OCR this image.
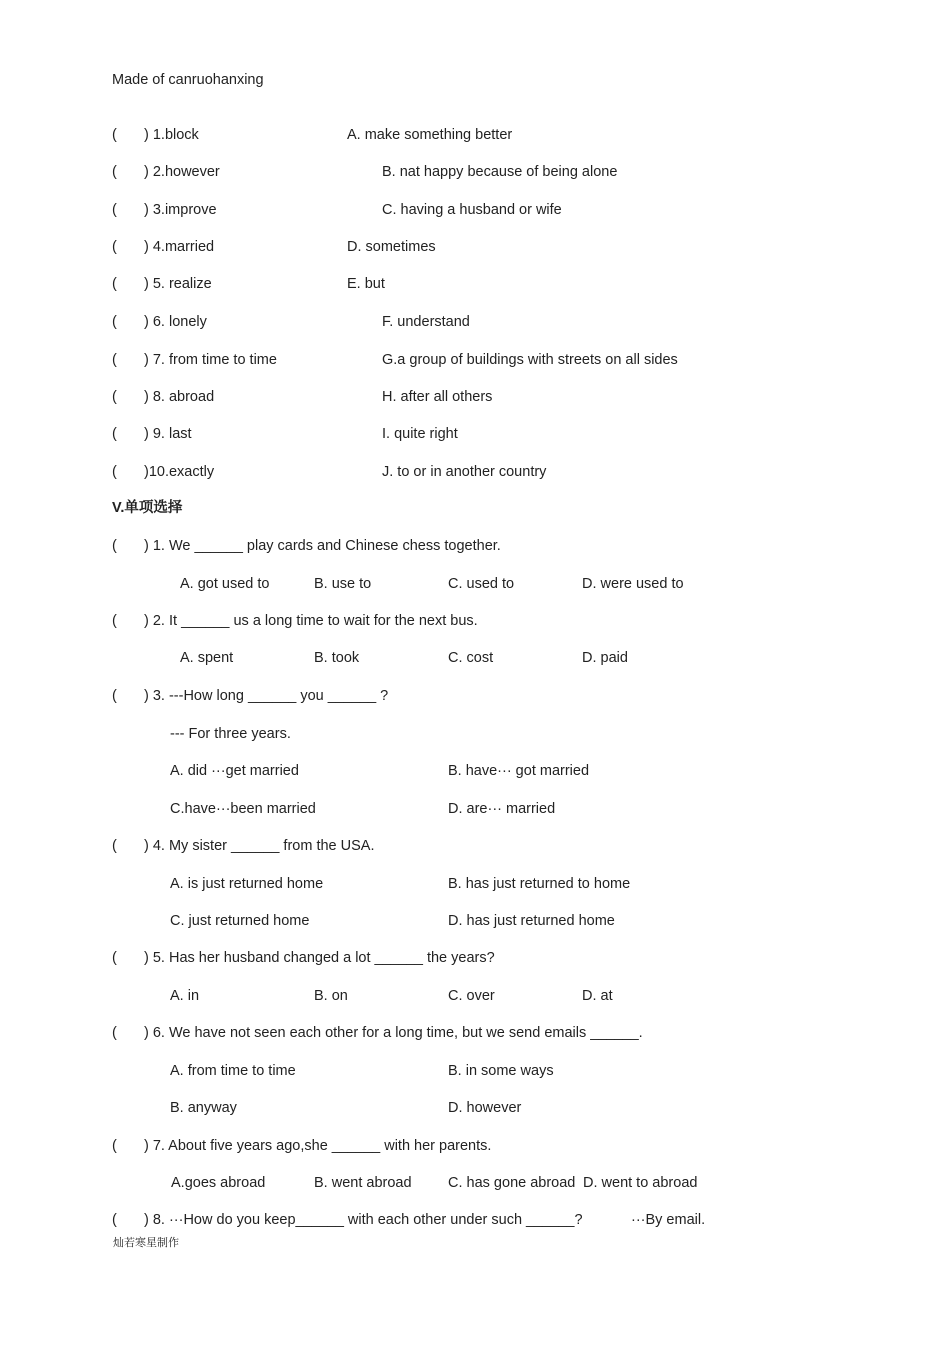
Made of canruohanxing
( ) 1.block	A. make something better
( ) 2.however	B. nat happy because of being alone
( ) 3.improve	C. having a husband or wife
( ) 4.married	D. sometimes
( ) 5. realize	E. but
( ) 6. lonely	F. understand
( ) 7. from time to time	G.a group of buildings with streets on all sides
( ) 8. abroad	H. after all others
( ) 9. last	I. quite right
( )10.exactly	J. to or in another country
V.单项选择
( ) 1. We ______ play cards and Chinese chess together.
A. got used to	B. use to	C. used to	D. were used to
( ) 2. It ______ us a long time to wait for the next bus.
A. spent	B. took	C. cost	D. paid
( ) 3. ---How long ______ you ______ ?
--- For three years.
A. did ···get married	B. have··· got married
C.have···been married	D. are··· married
( ) 4. My sister ______ from the USA.
A. is just returned home	B. has just returned to home
C. just returned home	D. has just returned home
( ) 5. Has her husband changed a lot ______ the years?
A. in	B. on	C. over	D. at
( ) 6. We have not seen each other for a long time, but we send emails ______.
A. from time to time	B. in some ways
B. anyway	D. however
( ) 7. About five years ago,she ______ with her parents.
A.goes abroad	B. went abroad	C. has gone abroad D. went to abroad
( ) 8. ···How do you keep______ with each other under such ______?	···By email.
灿若寒星制作
